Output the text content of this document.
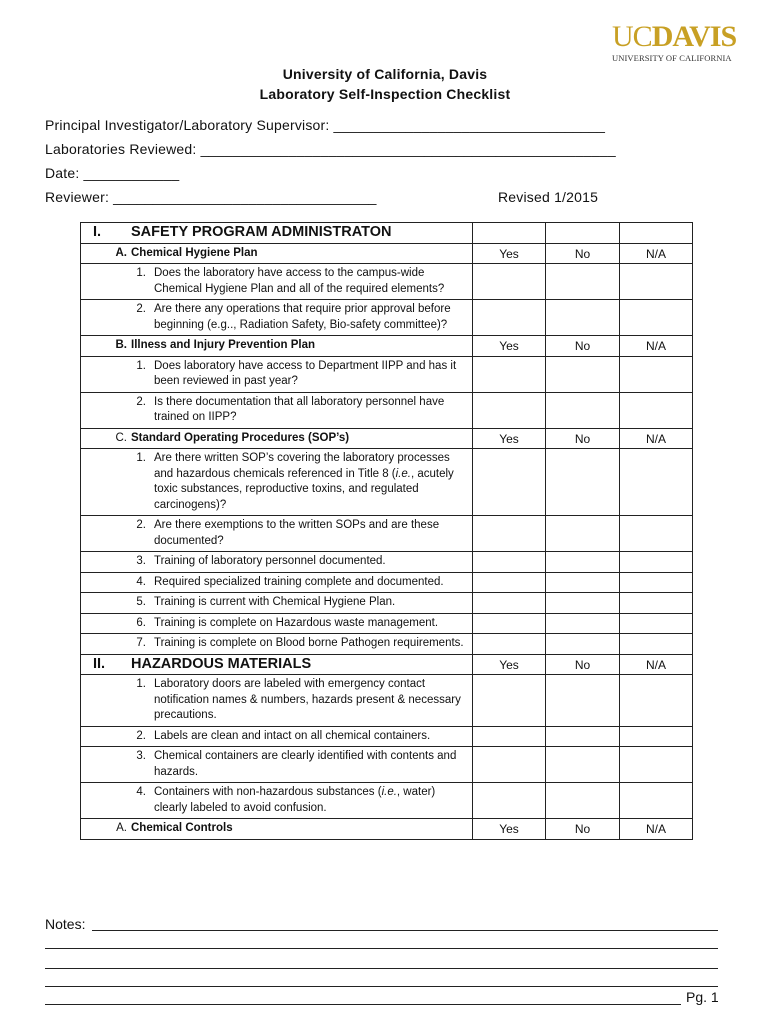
UCDAVIS
UNIVERSITY OF CALIFORNIA
University of California, Davis
Laboratory Self-Inspection Checklist
Principal Investigator/Laboratory Supervisor: __________________________________
Laboratories Reviewed: ____________________________________________________
Date: ____________
Reviewer: _________________________________	Revised 1/2015
I. SAFETY PROGRAM ADMINISTRATON			
A. Chemical Hygiene Plan	Yes	No	N/A

1. Does the laboratory have access to the campus-wide Chemical Hygiene Plan and all of the required elements?			

2. Are there any operations that require prior approval before beginning (e.g.., Radiation Safety, Bio-safety committee)?			

B. Illness and Injury Prevention Plan	Yes	No	N/A

1. Does laboratory have access to Department IIPP and has it been reviewed in past year?			

2. Is there documentation that all laboratory personnel have trained on IIPP?			

C. Standard Operating Procedures (SOP’s)	Yes	No	N/A

1. Are there written SOP’s covering the laboratory processes and hazardous chemicals referenced in Title 8 (i.e., acutely toxic substances, reproductive toxins, and regulated carcinogens)?			

2. Are there exemptions to the written SOPs and are these documented?			

3. Training of laboratory personnel documented.			

4. Required specialized training complete and documented.			

5. Training is current with Chemical Hygiene Plan.			

6. Training is complete on Hazardous waste management.			

7. Training is complete on Blood borne Pathogen requirements.			

II. HAZARDOUS MATERIALS	Yes	No	N/A

1. Laboratory doors are labeled with emergency contact notification names & numbers, hazards present & necessary precautions.			

2. Labels are clean and intact on all chemical containers.			

3. Chemical containers are clearly identified with contents and hazards.			

4. Containers with non-hazardous substances (i.e., water) clearly labeled to avoid confusion.			

A. Chemical Controls	Yes	No	N/A
Notes:
Pg. 1
